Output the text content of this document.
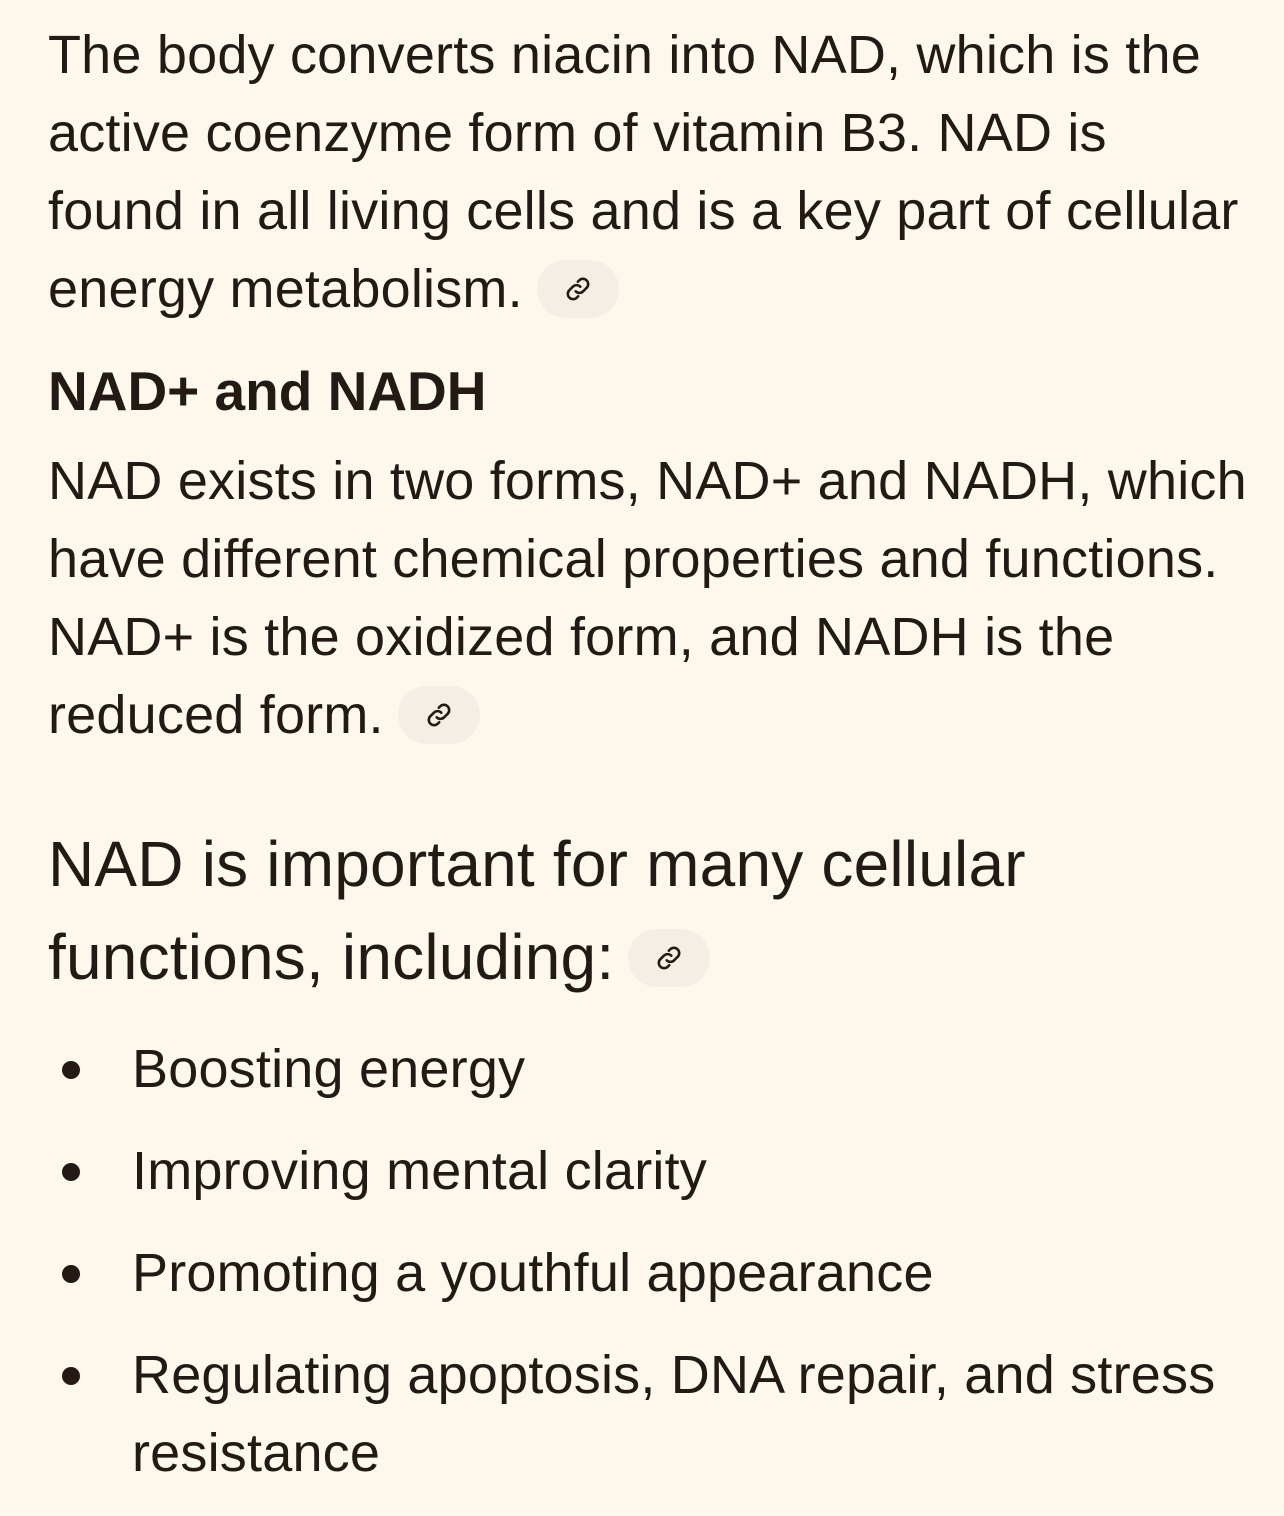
The body converts niacin into NAD, which is the active coenzyme form of vitamin B3. NAD is found in all living cells and is a key part of cellular energy metabolism.

NAD+ and NADH

NAD exists in two forms, NAD+ and NADH, which have different chemical properties and functions. NAD+ is the oxidized form, and NADH is the reduced form.

NAD is important for many cellular functions, including:

Boosting energy
Improving mental clarity
Promoting a youthful appearance
Regulating apoptosis, DNA repair, and stress resistance
